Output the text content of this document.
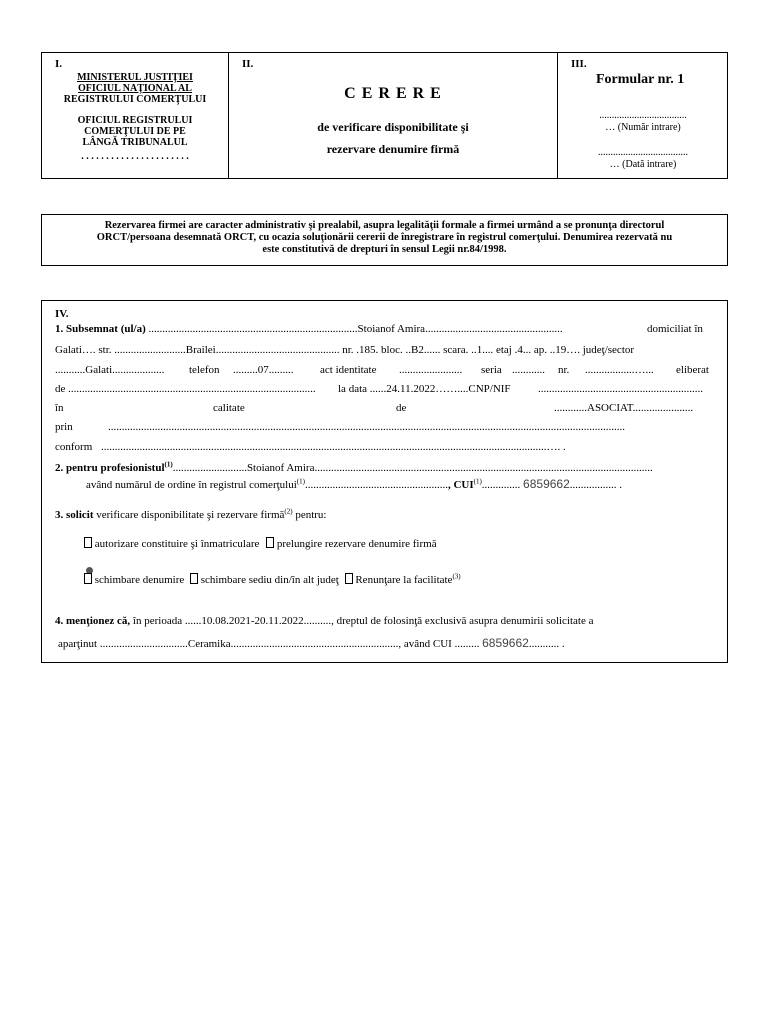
I.
MINISTERUL JUSTIŢIEI
OFICIUL NAŢIONAL AL
REGISTRULUI COMERŢULUI
OFICIUL REGISTRULUI
COMERŢULUI DE PE
LÂNGĂ TRIBUNALUL
. . . . . . . . . . . . . . . . . . . . . .
II.
C E R E R E
de verificare disponibilitate şi
rezervare denumire firmă
III.
Formular nr. 1
...................................
… (Număr intrare)
....................................
… (Dată intrare)
Rezervarea firmei are caracter administrativ şi prealabil, asupra legalităţii formale a firmei urmând a se pronunţa directorul
ORCT/persoana desemnată ORCT, cu ocazia soluţionării cererii de înregistrare în registrul comerţului. Denumirea rezervată nu
este constitutivă de drepturi în sensul Legii nr.84/1998.
IV.
1. Subsemnat (ul/a) ............................................................................Stoianof Amira..................................................	domiciliat în
Galati…. str. ..........................Brailei............................................. nr. .185. bloc. ..B2...... scara. ..1.... etaj .4... ap. ..19…. judeţ/sector
...........Galati................... telefon .........07......... act identitate ....................... seria ............ nr. ..................…... eliberat
de .......................................................................................... la data ......24.11.2022……....CNP/NIF ............................................................
în	calitate	de	............ASOCIAT......................
prin	............................................................................................................................................................................................
conform ..................................................................................................................................................................…. .
2. pentru profesionistul$^{(1)}$...........................Stoianof Amira...........................................................................................................................
având numărul de ordine în registrul comerţului$^{(1)}$...................................................., CUI$^{(1)}$.............. 6859662................. .
3. solicit verificare disponibilitate şi rezervare firmă$^{(2)}$ pentru:
autorizare constituire şi înmatriculare prelungire rezervare denumire firmă
schimbare denumire schimbare sediu din/în alt judeţ Renunţare la facilitate$^{(3)}$
4. menţionez că, în perioada ......10.08.2021-20.11.2022.........., dreptul de folosinţă exclusivă asupra denumirii solicitate a
aparţinut ................................Ceramika............................................................., având CUI ......... 6859662........... .
